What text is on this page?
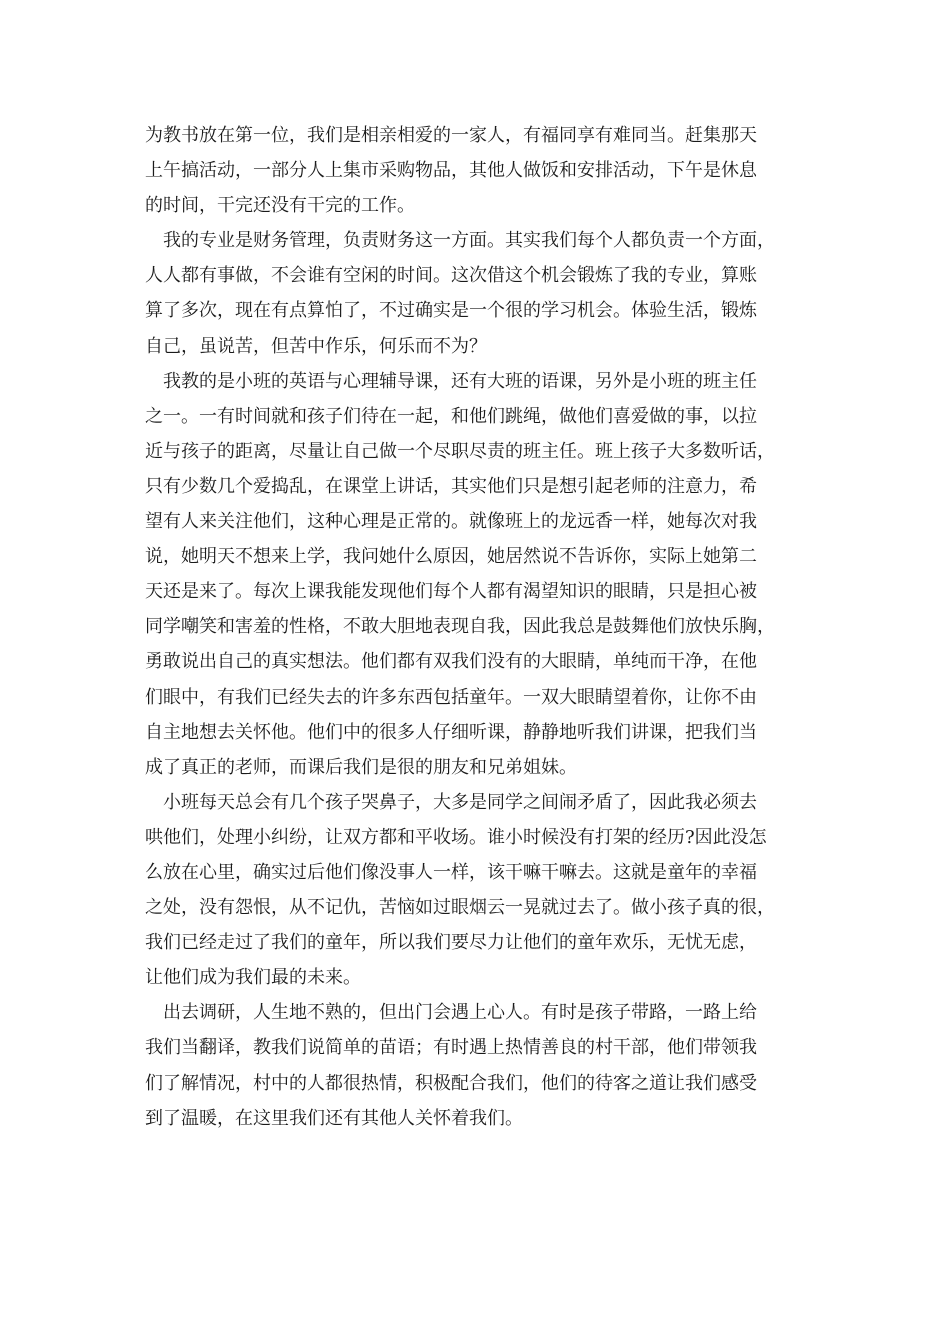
为教书放在第一位，我们是相亲相爱的一家人，有福同享有难同当。赶集那天
上午搞活动，一部分人上集市采购物品，其他人做饭和安排活动，下午是休息
的时间，干完还没有干完的工作。
　我的专业是财务管理，负责财务这一方面。其实我们每个人都负责一个方面，
人人都有事做，不会谁有空闲的时间。这次借这个机会锻炼了我的专业，算账
算了多次，现在有点算怕了，不过确实是一个很的学习机会。体验生活，锻炼
自己，虽说苦，但苦中作乐，何乐而不为？
　我教的是小班的英语与心理辅导课，还有大班的语课，另外是小班的班主任
之一。一有时间就和孩子们待在一起，和他们跳绳，做他们喜爱做的事，以拉
近与孩子的距离，尽量让自己做一个尽职尽责的班主任。班上孩子大多数听话，
只有少数几个爱捣乱，在课堂上讲话，其实他们只是想引起老师的注意力，希
望有人来关注他们，这种心理是正常的。就像班上的龙远香一样，她每次对我
说，她明天不想来上学，我问她什么原因，她居然说不告诉你，实际上她第二
天还是来了。每次上课我能发现他们每个人都有渴望知识的眼睛，只是担心被
同学嘲笑和害羞的性格，不敢大胆地表现自我，因此我总是鼓舞他们放快乐胸，
勇敢说出自己的真实想法。他们都有双我们没有的大眼睛，单纯而干净，在他
们眼中，有我们已经失去的许多东西包括童年。一双大眼睛望着你，让你不由
自主地想去关怀他。他们中的很多人仔细听课，静静地听我们讲课，把我们当
成了真正的老师，而课后我们是很的朋友和兄弟姐妹。
　小班每天总会有几个孩子哭鼻子，大多是同学之间闹矛盾了，因此我必须去
哄他们，处理小纠纷，让双方都和平收场。谁小时候没有打架的经历?因此没怎
么放在心里，确实过后他们像没事人一样，该干嘛干嘛去。这就是童年的幸福
之处，没有怨恨，从不记仇，苦恼如过眼烟云一晃就过去了。做小孩子真的很，
我们已经走过了我们的童年，所以我们要尽力让他们的童年欢乐，无忧无虑，
让他们成为我们最的未来。
　出去调研，人生地不熟的，但出门会遇上心人。有时是孩子带路，一路上给
我们当翻译，教我们说简单的苗语；有时遇上热情善良的村干部，他们带领我
们了解情况，村中的人都很热情，积极配合我们，他们的待客之道让我们感受
到了温暖，在这里我们还有其他人关怀着我们。
